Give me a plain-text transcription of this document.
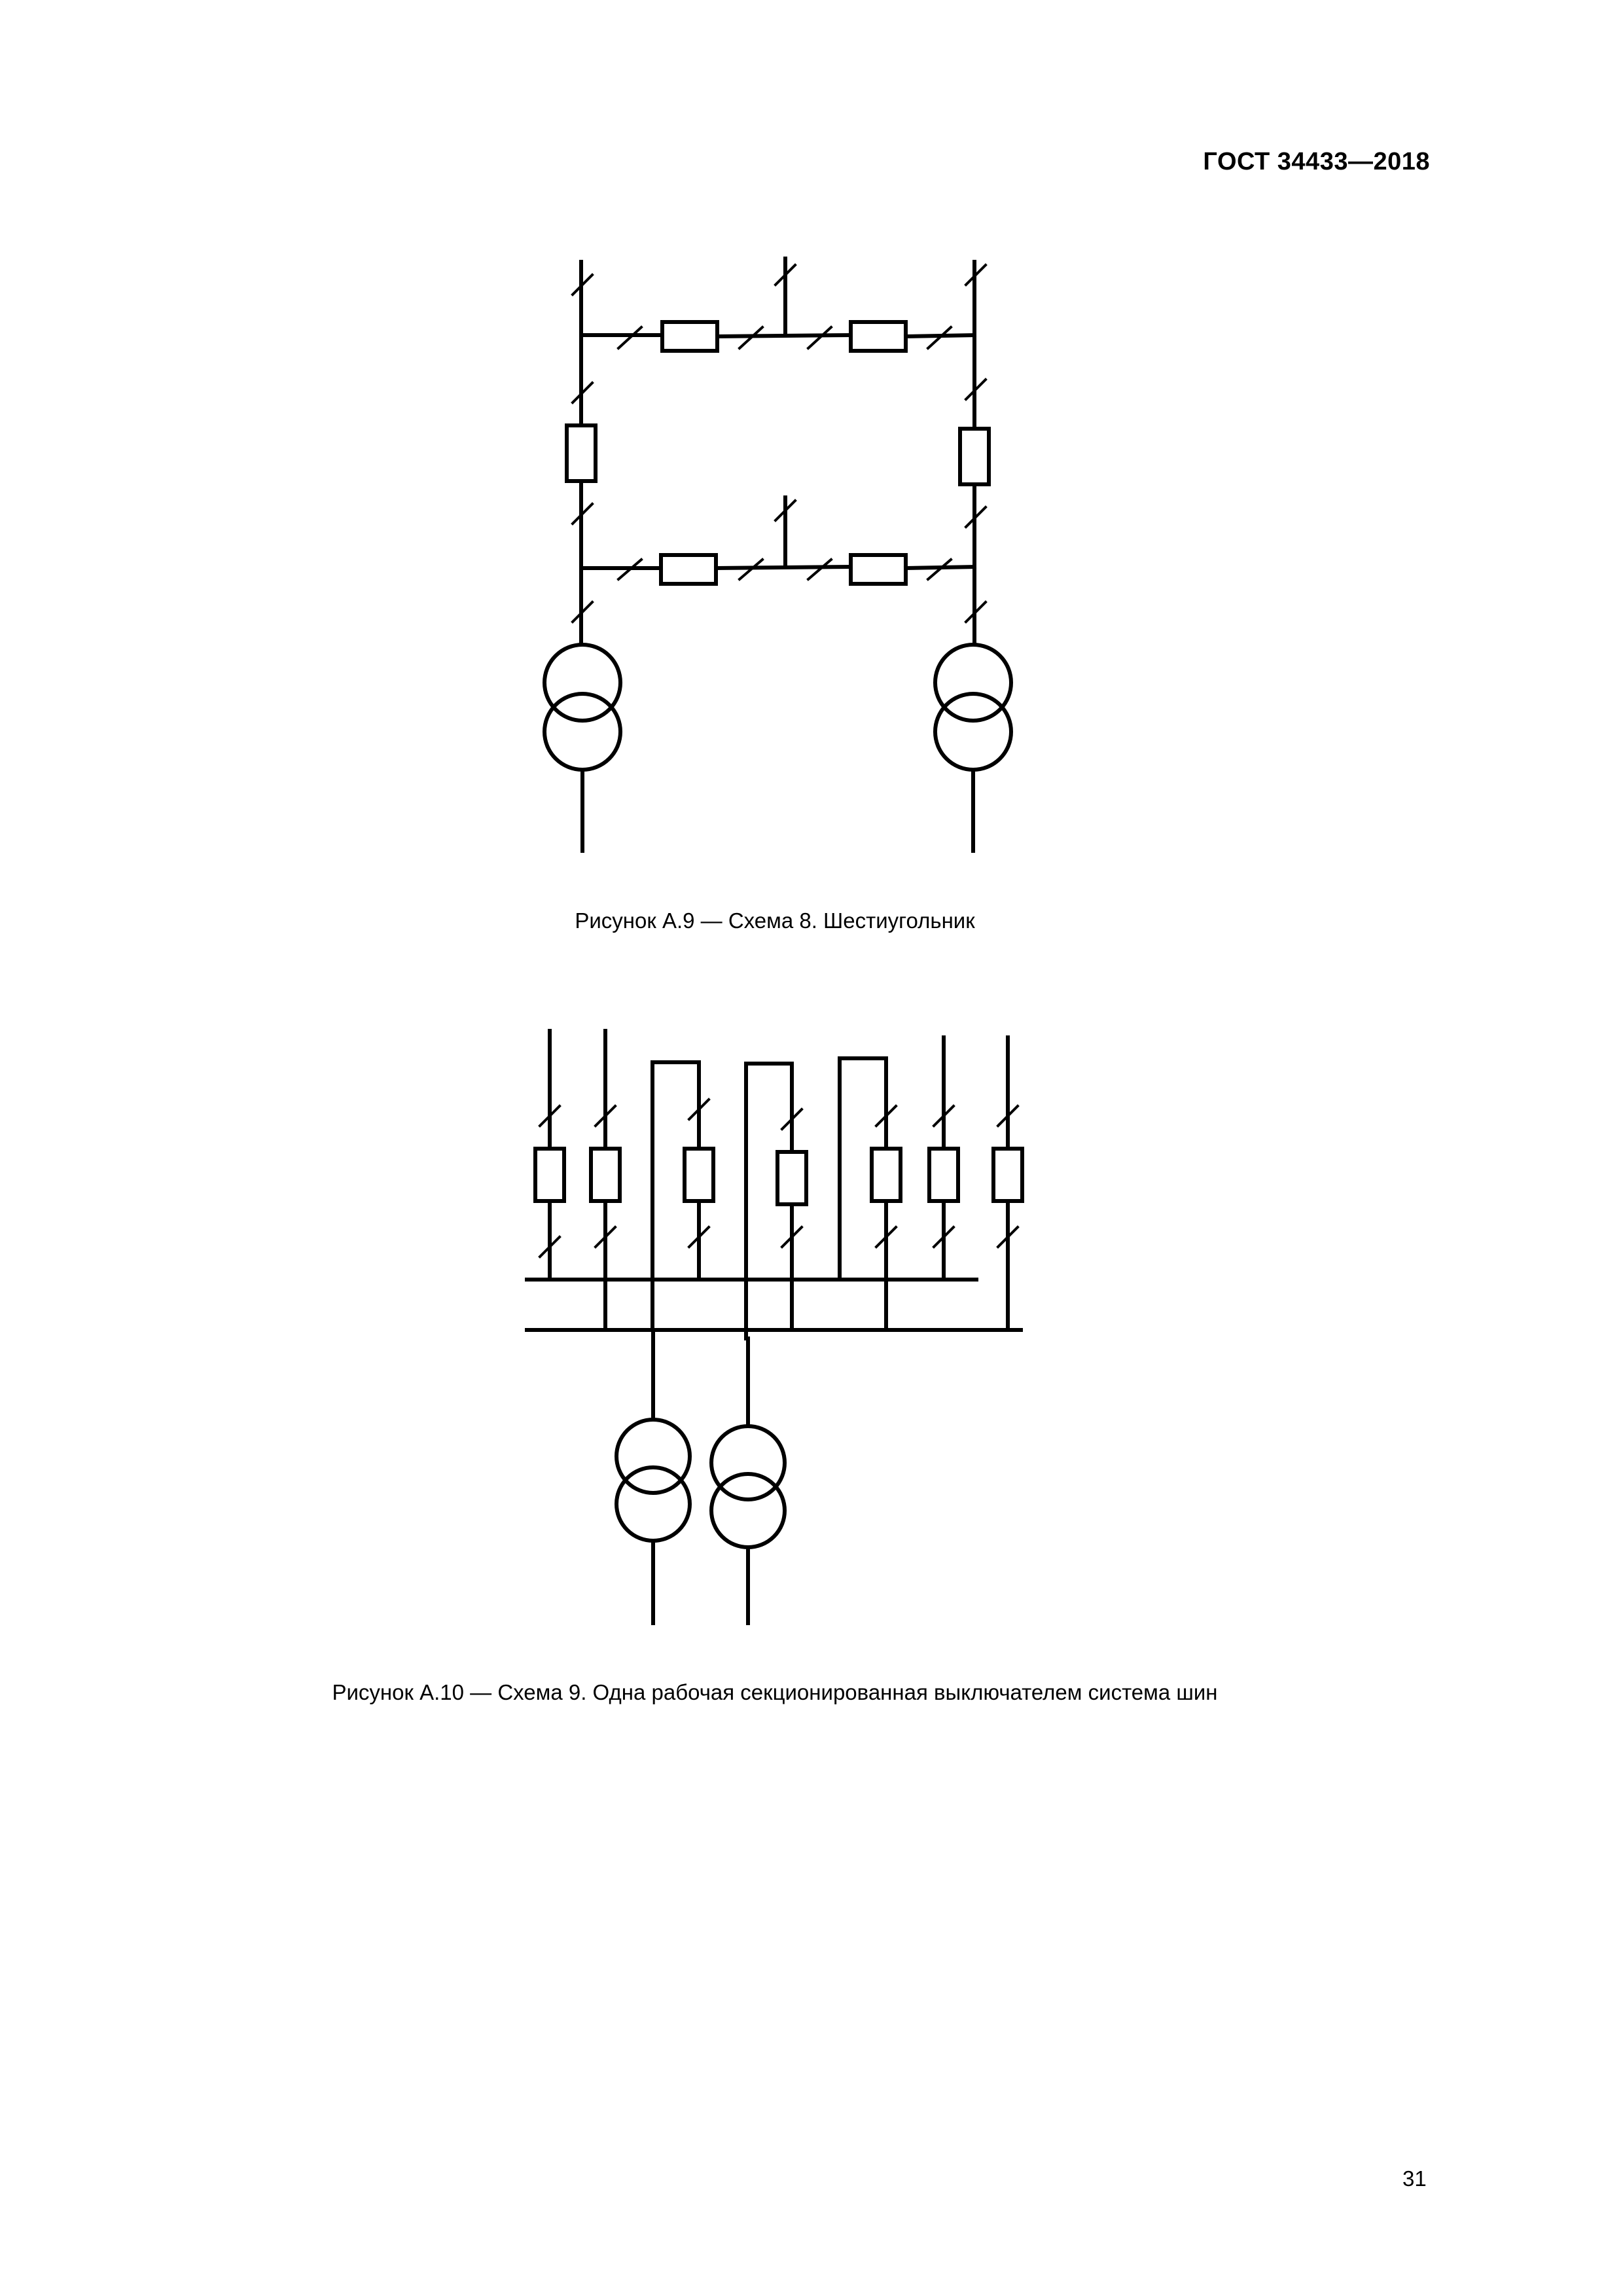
ГОСТ 34433—2018
Рисунок А.9 — Схема 8. Шестиугольник
Рисунок А.10 — Схема 9. Одна рабочая секционированная выключателем система шин
31
